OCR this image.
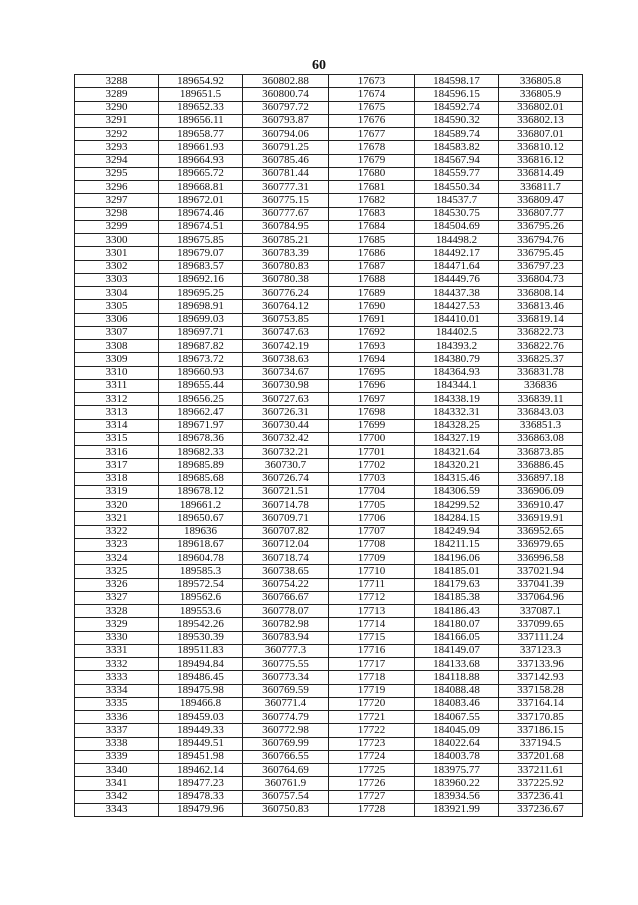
60
3288	189654.92	360802.88	17673	184598.17	336805.8
3289	189651.5	360800.74	17674	184596.15	336805.9
3290	189652.33	360797.72	17675	184592.74	336802.01
3291	189656.11	360793.87	17676	184590.32	336802.13
3292	189658.77	360794.06	17677	184589.74	336807.01
3293	189661.93	360791.25	17678	184583.82	336810.12
3294	189664.93	360785.46	17679	184567.94	336816.12
3295	189665.72	360781.44	17680	184559.77	336814.49
3296	189668.81	360777.31	17681	184550.34	336811.7
3297	189672.01	360775.15	17682	184537.7	336809.47
3298	189674.46	360777.67	17683	184530.75	336807.77
3299	189674.51	360784.95	17684	184504.69	336795.26
3300	189675.85	360785.21	17685	184498.2	336794.76
3301	189679.07	360783.39	17686	184492.17	336795.45
3302	189683.57	360780.83	17687	184471.64	336797.23
3303	189692.16	360780.38	17688	184449.76	336804.73
3304	189695.25	360776.24	17689	184437.38	336808.14
3305	189698.91	360764.12	17690	184427.53	336813.46
3306	189699.03	360753.85	17691	184410.01	336819.14
3307	189697.71	360747.63	17692	184402.5	336822.73
3308	189687.82	360742.19	17693	184393.2	336822.76
3309	189673.72	360738.63	17694	184380.79	336825.37
3310	189660.93	360734.67	17695	184364.93	336831.78
3311	189655.44	360730.98	17696	184344.1	336836
3312	189656.25	360727.63	17697	184338.19	336839.11
3313	189662.47	360726.31	17698	184332.31	336843.03
3314	189671.97	360730.44	17699	184328.25	336851.3
3315	189678.36	360732.42	17700	184327.19	336863.08
3316	189682.33	360732.21	17701	184321.64	336873.85
3317	189685.89	360730.7	17702	184320.21	336886.45
3318	189685.68	360726.74	17703	184315.46	336897.18
3319	189678.12	360721.51	17704	184306.59	336906.09
3320	189661.2	360714.78	17705	184299.52	336910.47
3321	189650.67	360709.71	17706	184284.15	336919.91
3322	189636	360707.82	17707	184249.94	336952.65
3323	189618.67	360712.04	17708	184211.15	336979.65
3324	189604.78	360718.74	17709	184196.06	336996.58
3325	189585.3	360738.65	17710	184185.01	337021.94
3326	189572.54	360754.22	17711	184179.63	337041.39
3327	189562.6	360766.67	17712	184185.38	337064.96
3328	189553.6	360778.07	17713	184186.43	337087.1
3329	189542.26	360782.98	17714	184180.07	337099.65
3330	189530.39	360783.94	17715	184166.05	337111.24
3331	189511.83	360777.3	17716	184149.07	337123.3
3332	189494.84	360775.55	17717	184133.68	337133.96
3333	189486.45	360773.34	17718	184118.88	337142.93
3334	189475.98	360769.59	17719	184088.48	337158.28
3335	189466.8	360771.4	17720	184083.46	337164.14
3336	189459.03	360774.79	17721	184067.55	337170.85
3337	189449.33	360772.98	17722	184045.09	337186.15
3338	189449.51	360769.99	17723	184022.64	337194.5
3339	189451.98	360766.55	17724	184003.78	337201.68
3340	189462.14	360764.69	17725	183975.77	337211.61
3341	189477.23	360761.9	17726	183960.22	337225.92
3342	189478.33	360757.54	17727	183934.56	337236.41
3343	189479.96	360750.83	17728	183921.99	337236.67
